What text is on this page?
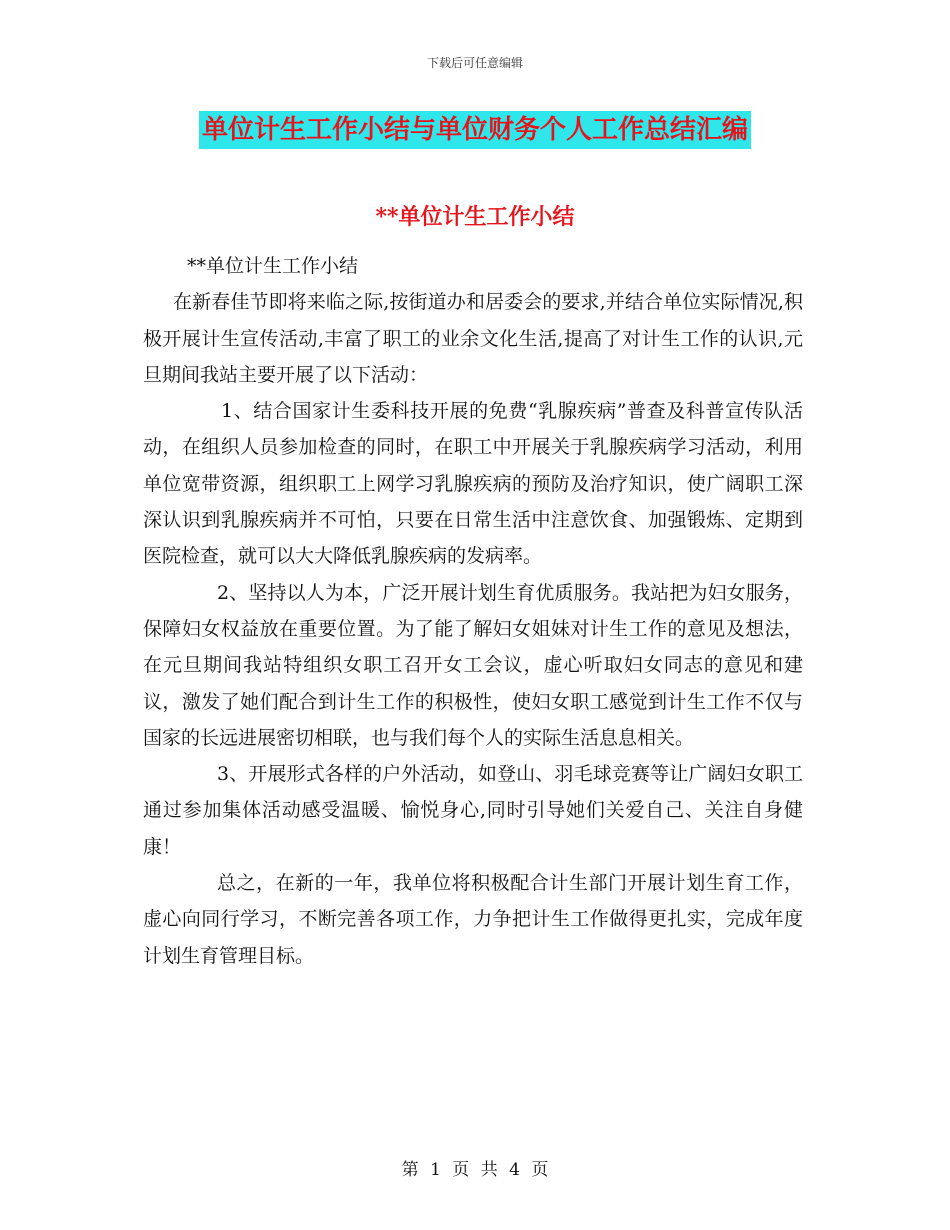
下载后可任意编辑
单位计生工作小结与单位财务个人工作总结汇编
**单位计生工作小结

**单位计生工作小结

在新春佳节即将来临之际,按街道办和居委会的要求,并结合单位实际情况,积极开展计生宣传活动,丰富了职工的业余文化生活,提高了对计生工作的认识,元旦期间我站主要开展了以下活动：

1、结合国家计生委科技开展的免费“乳腺疾病”普查及科普宣传队活动，在组织人员参加检查的同时，在职工中开展关于乳腺疾病学习活动，利用单位宽带资源，组织职工上网学习乳腺疾病的预防及治疗知识，使广阔职工深深认识到乳腺疾病并不可怕，只要在日常生活中注意饮食、加强锻炼、定期到医院检查，就可以大大降低乳腺疾病的发病率。

2、坚持以人为本，广泛开展计划生育优质服务。我站把为妇女服务，保障妇女权益放在重要位置。为了能了解妇女姐妹对计生工作的意见及想法，在元旦期间我站特组织女职工召开女工会议，虚心听取妇女同志的意见和建议，激发了她们配合到计生工作的积极性，使妇女职工感觉到计生工作不仅与国家的长远进展密切相联，也与我们每个人的实际生活息息相关。

3、开展形式各样的户外活动，如登山、羽毛球竞赛等让广阔妇女职工通过参加集体活动感受温暖、愉悦身心,同时引导她们关爱自己、关注自身健康！

总之，在新的一年，我单位将积极配合计生部门开展计划生育工作，虚心向同行学习，不断完善各项工作，力争把计生工作做得更扎实，完成年度计划生育管理目标。

第 1 页 共 4 页
